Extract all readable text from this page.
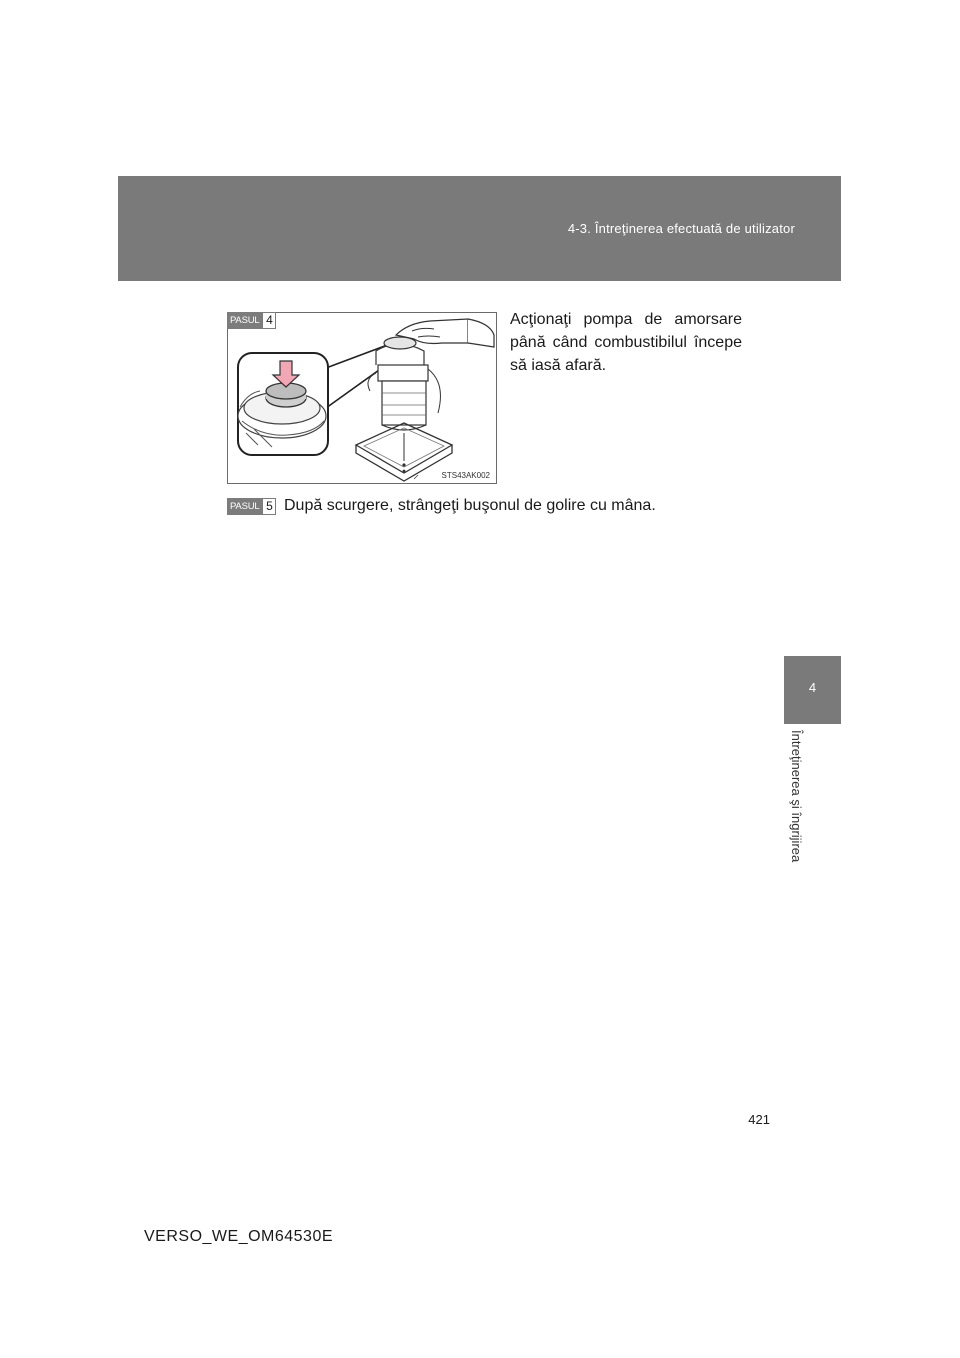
4-3. Întreţinerea efectuată de utilizator
4
Întreţinerea şi îngrijirea
STS43AK002
PASUL 4	Acţionaţi pompa de amorsare până când combustibilul începe să iasă afară.
PASUL 5 După scurgere, strângeţi buşonul de golire cu mâna.
421
VERSO_WE_OM64530E
